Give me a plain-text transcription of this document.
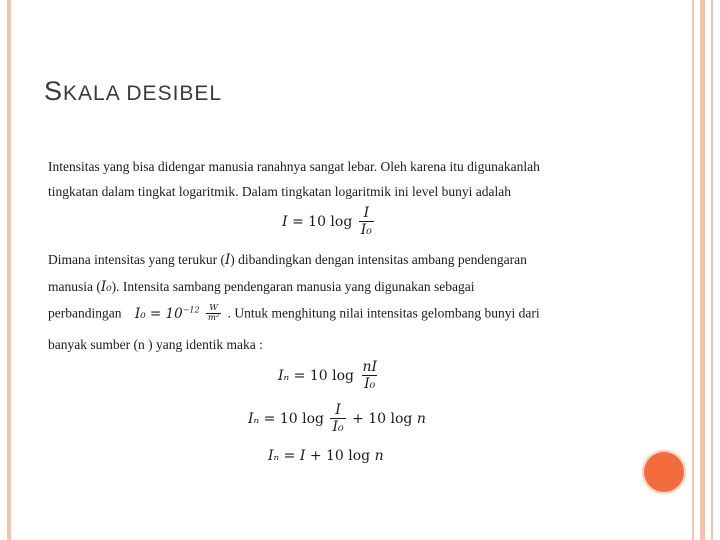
SKALA DESIBEL
Intensitas yang bisa didengar manusia ranahnya sangat lebar. Oleh karena itu digunakanlah
tingkatan dalam tingkat logaritmik. Dalam tingkatan logaritmik ini level bunyi adalah
𝐼 = 10 $\log \frac{\text{𝐼}}{\text{𝐼₀}}$
Dimana intensitas yang terukur (𝐼) dibandingkan dengan intensitas ambang pendengaran
manusia (𝐼₀). Intensita sambang pendengaran manusia yang digunakan sebagai
perbandingan 𝐼₀ = $10^{-12} \frac{W}{\text{m²}}$ . Untuk menghitung nilai intensitas gelombang bunyi dari
banyak sumber (n ) yang identik maka :
𝐼ₙ = 10 $\log \frac{\text{n𝐼}}{\text{𝐼₀}}$
𝐼ₙ = 10 $\log \frac{\text{𝐼}}{\text{𝐼₀}} + 10$ log 𝑛
𝐼ₙ = 𝐼 + 10 log 𝑛
